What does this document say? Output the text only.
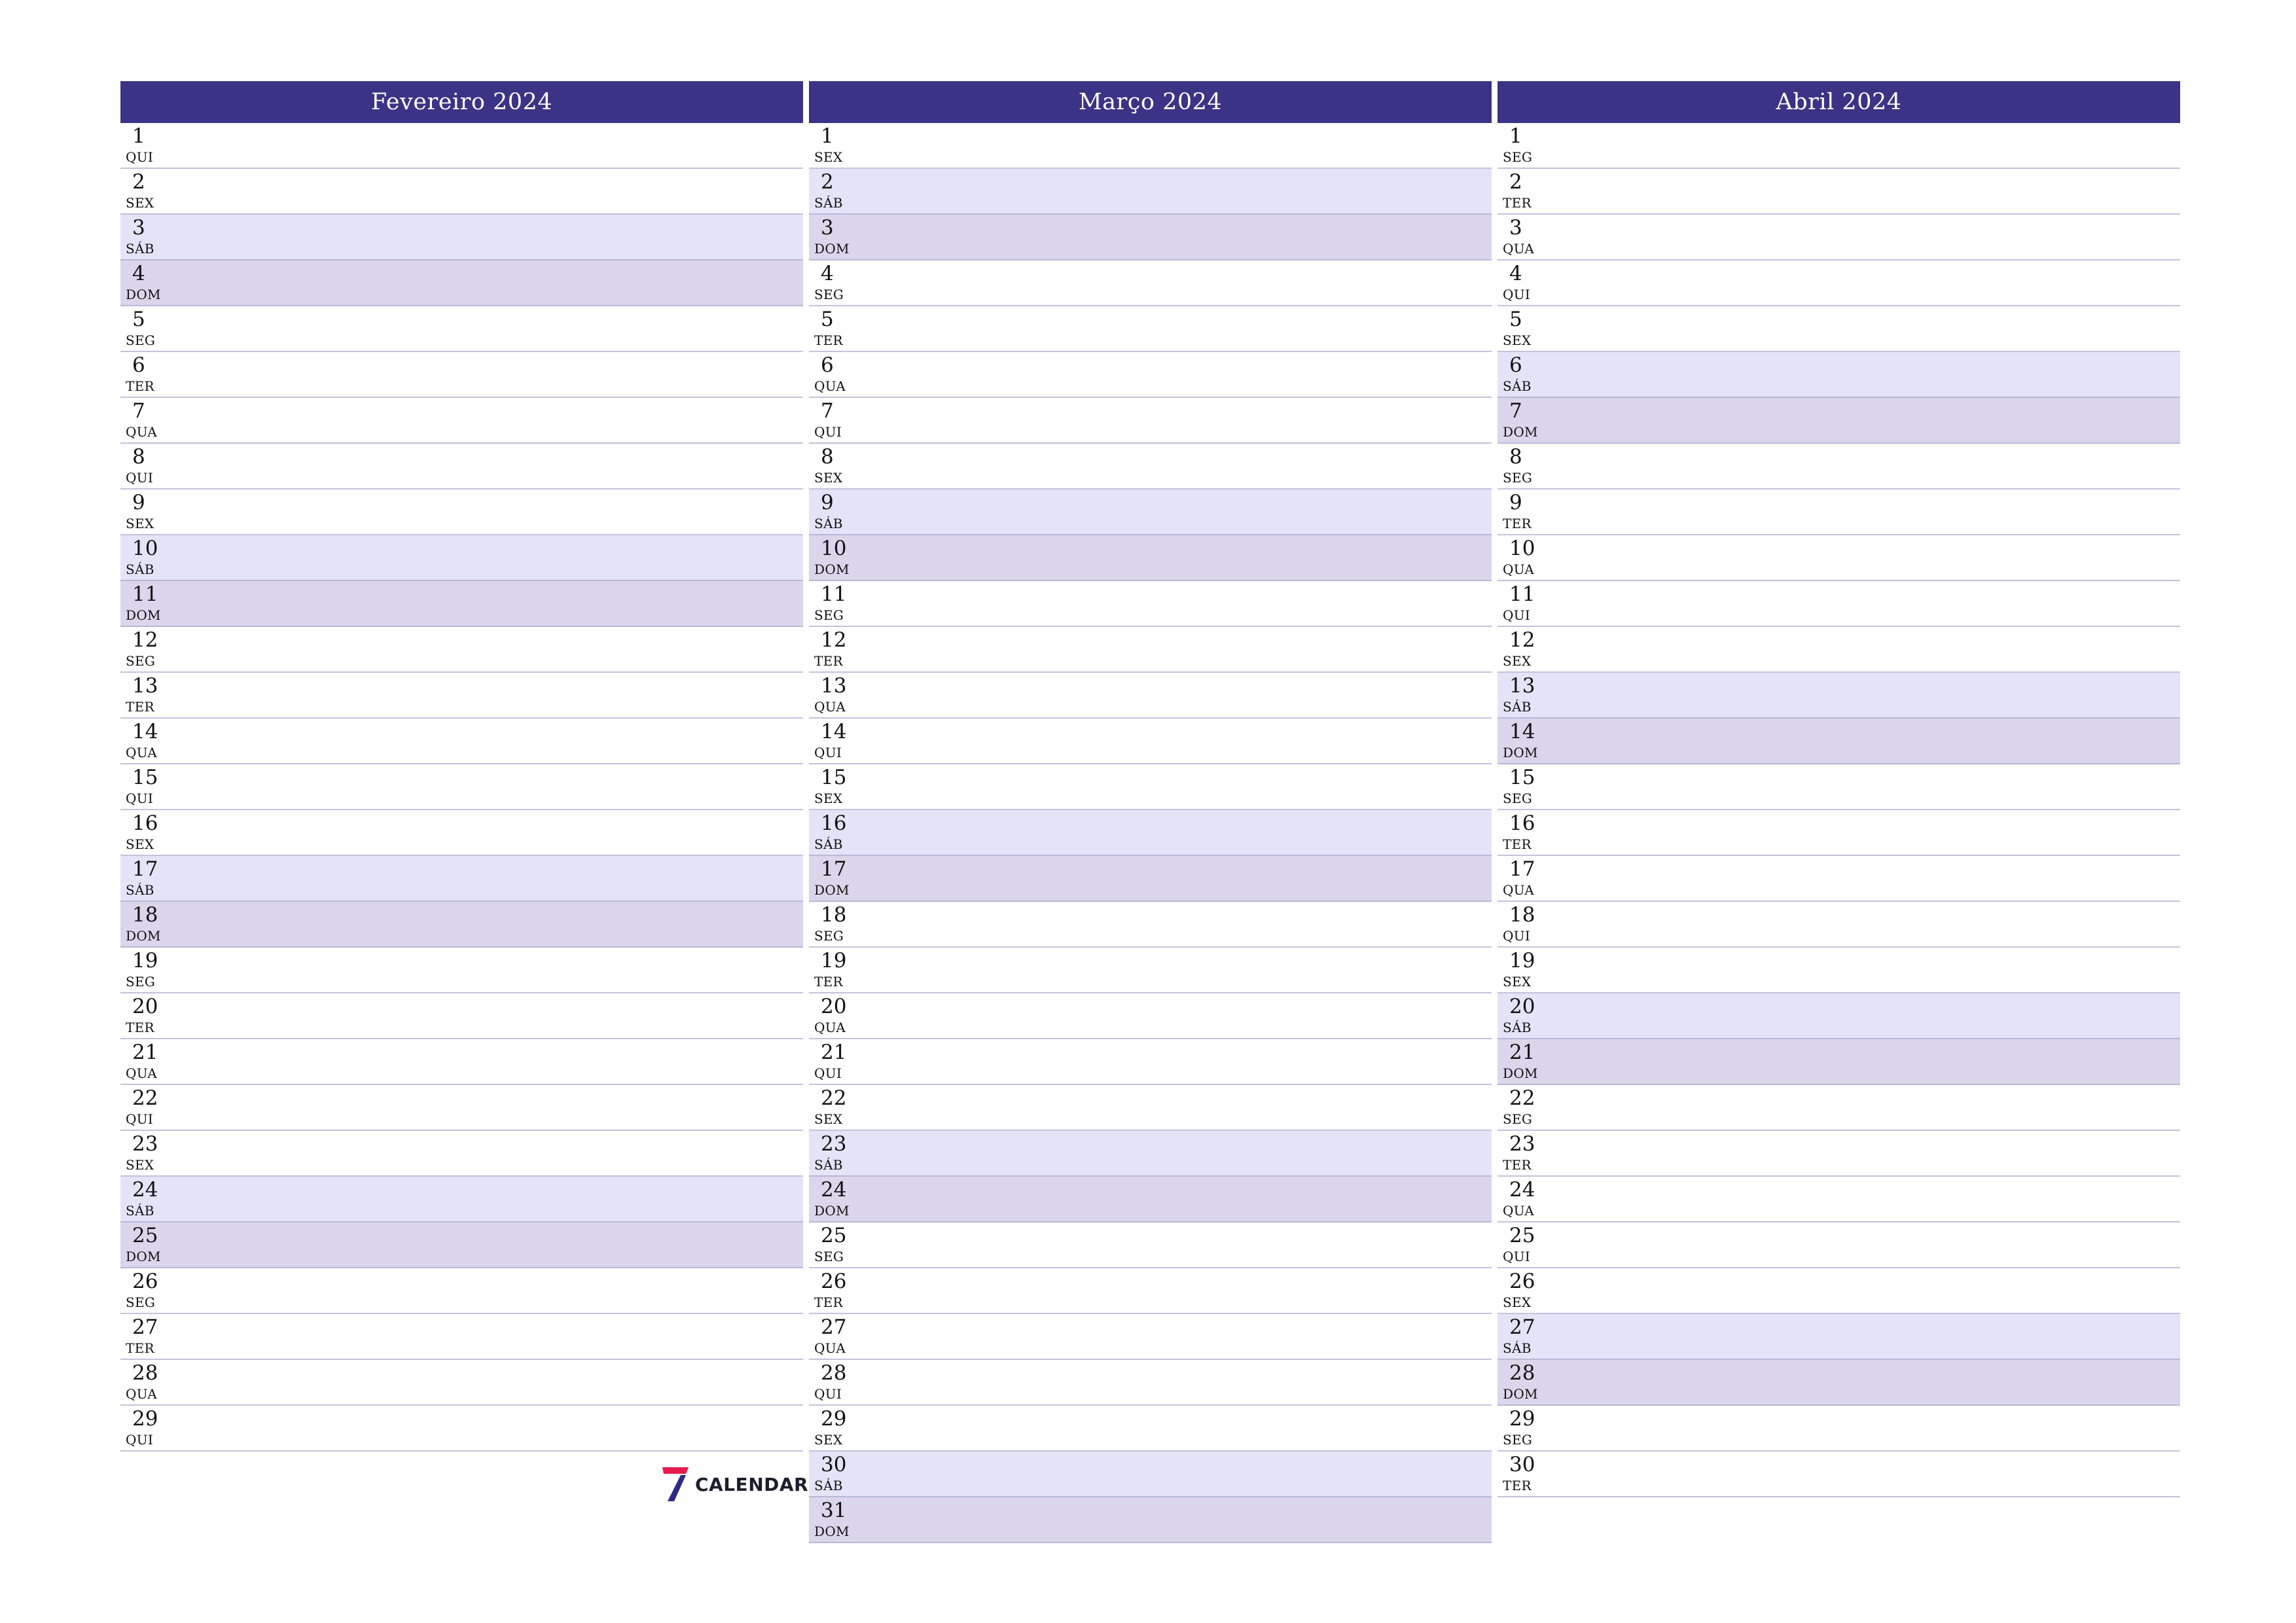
Fevereiro 2024
1
QUI
2
SEX
3
SÁB
4
DOM
5
SEG
6
TER
7
QUA
8
QUI
9
SEX
10
SÁB
11
DOM
12
SEG
13
TER
14
QUA
15
QUI
16
SEX
17
SÁB
18
DOM
19
SEG
20
TER
21
QUA
22
QUI
23
SEX
24
SÁB
25
DOM
26
SEG
27
TER
28
QUA
29
QUI
Março 2024
1
SEX
2
SÁB
3
DOM
4
SEG
5
TER
6
QUA
7
QUI
8
SEX
9
SÁB
10
DOM
11
SEG
12
TER
13
QUA
14
QUI
15
SEX
16
SÁB
17
DOM
18
SEG
19
TER
20
QUA
21
QUI
22
SEX
23
SÁB
24
DOM
25
SEG
26
TER
27
QUA
28
QUI
29
SEX
30
SÁB
31
DOM
Abril 2024
1
SEG
2
TER
3
QUA
4
QUI
5
SEX
6
SÁB
7
DOM
8
SEG
9
TER
10
QUA
11
QUI
12
SEX
13
SÁB
14
DOM
15
SEG
16
TER
17
QUA
18
QUI
19
SEX
20
SÁB
21
DOM
22
SEG
23
TER
24
QUA
25
QUI
26
SEX
27
SÁB
28
DOM
29
SEG
30
TER
CALENDAR
